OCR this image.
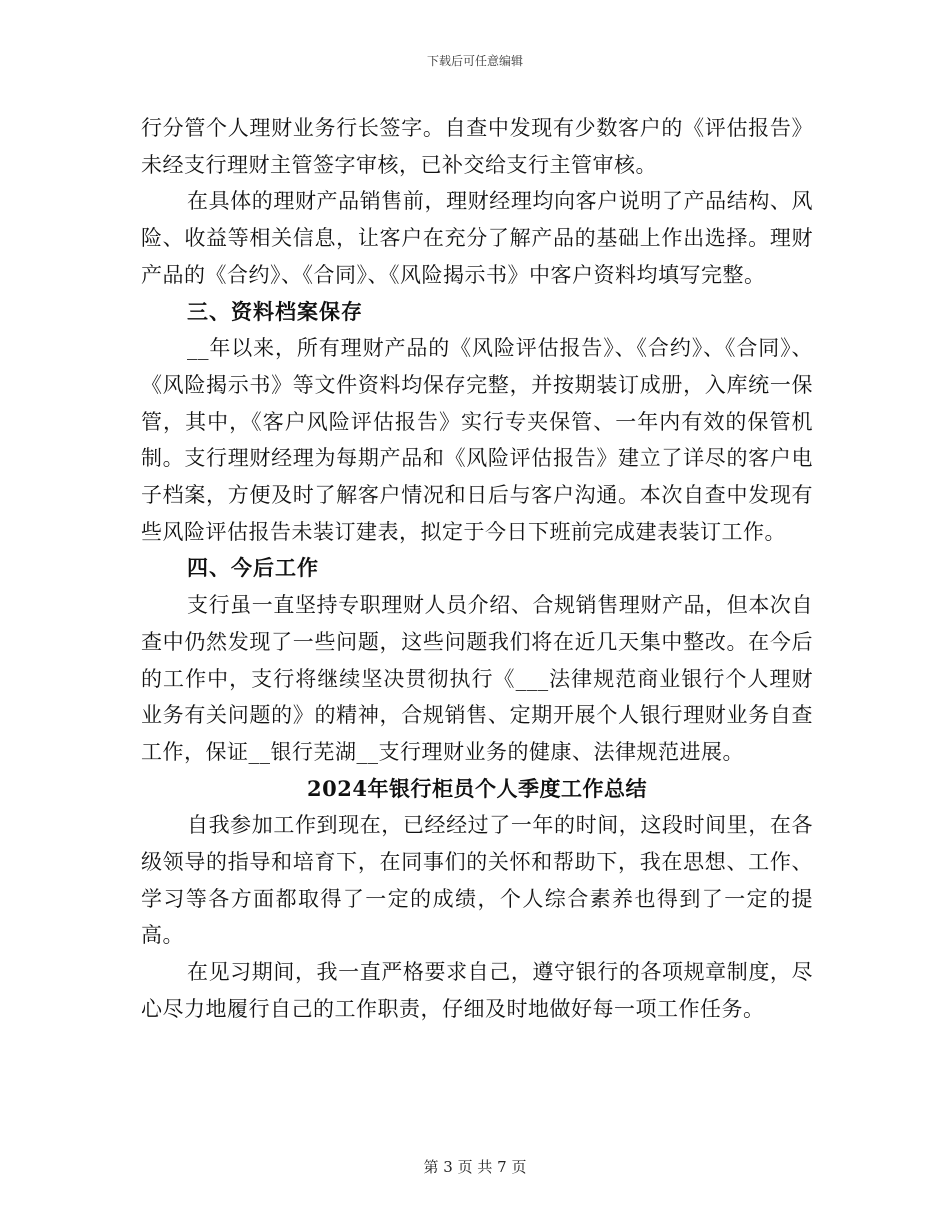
下载后可任意编辑

行分管个人理财业务行长签字。自查中发现有少数客户的《评估报告》未经支行理财主管签字审核，已补交给支行主管审核。

在具体的理财产品销售前，理财经理均向客户说明了产品结构、风险、收益等相关信息，让客户在充分了解产品的基础上作出选择。理财产品的《合约》、《合同》、《风险揭示书》中客户资料均填写完整。

三、资料档案保存

__年以来，所有理财产品的《风险评估报告》、《合约》、《合同》、《风险揭示书》等文件资料均保存完整，并按期装订成册，入库统一保管，其中，《客户风险评估报告》实行专夹保管、一年内有效的保管机制。支行理财经理为每期产品和《风险评估报告》建立了详尽的客户电子档案，方便及时了解客户情况和日后与客户沟通。本次自查中发现有些风险评估报告未装订建表，拟定于今日下班前完成建表装订工作。

四、今后工作

支行虽一直坚持专职理财人员介绍、合规销售理财产品，但本次自查中仍然发现了一些问题，这些问题我们将在近几天集中整改。在今后的工作中，支行将继续坚决贯彻执行《___法律规范商业银行个人理财业务有关问题的》的精神，合规销售、定期开展个人银行理财业务自查工作，保证__银行芜湖__支行理财业务的健康、法律规范进展。

2024年银行柜员个人季度工作总结

自我参加工作到现在，已经经过了一年的时间，这段时间里，在各级领导的指导和培育下，在同事们的关怀和帮助下，我在思想、工作、学习等各方面都取得了一定的成绩，个人综合素养也得到了一定的提高。

在见习期间，我一直严格要求自己，遵守银行的各项规章制度，尽心尽力地履行自己的工作职责，仔细及时地做好每一项工作任务。

第 3 页 共 7 页
